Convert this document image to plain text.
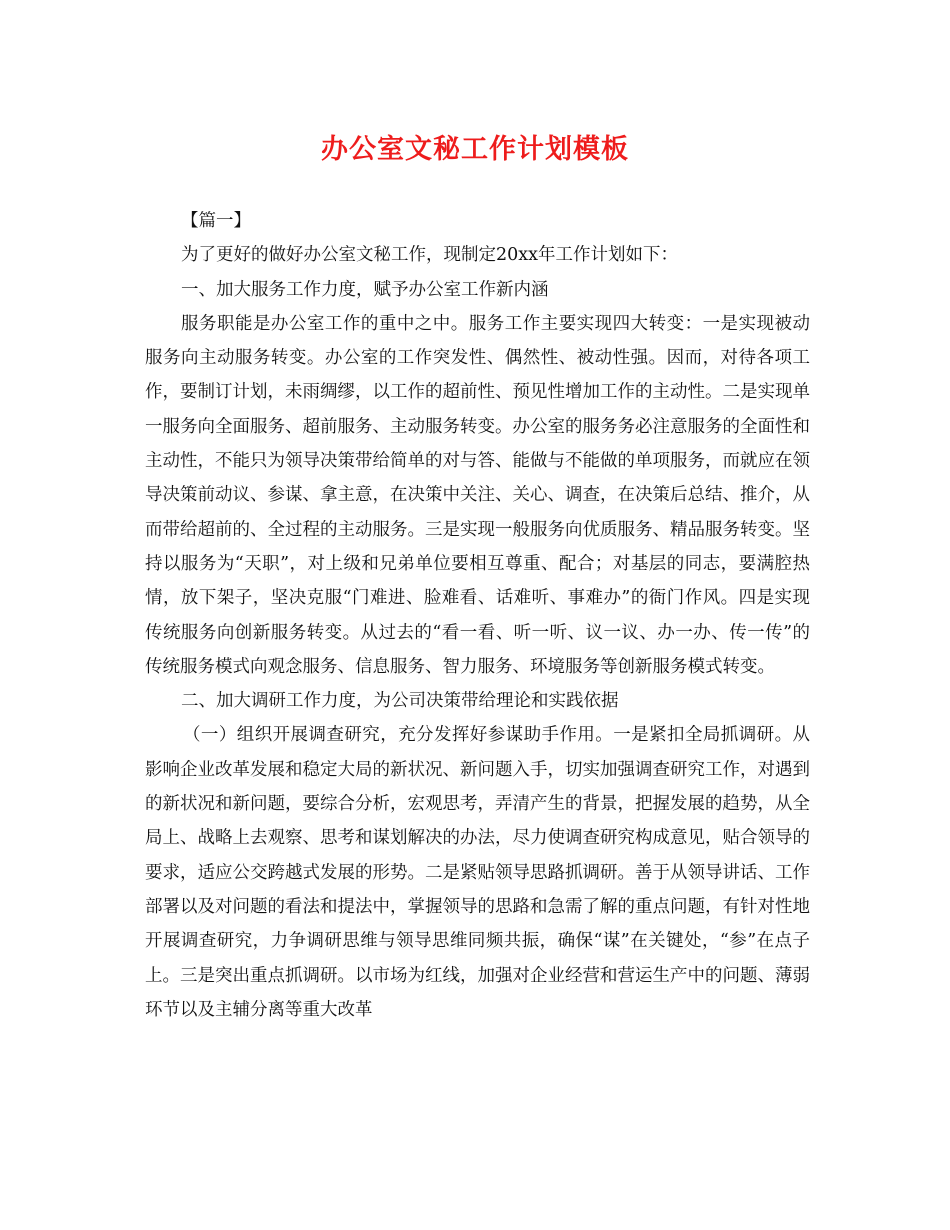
办公室文秘工作计划模板

【篇一】

为了更好的做好办公室文秘工作，现制定20xx年工作计划如下：

一、加大服务工作力度，赋予办公室工作新内涵

服务职能是办公室工作的重中之中。服务工作主要实现四大转变：一是实现被动服务向主动服务转变。办公室的工作突发性、偶然性、被动性强。因而，对待各项工作，要制订计划，未雨绸缪，以工作的超前性、预见性增加工作的主动性。二是实现单一服务向全面服务、超前服务、主动服务转变。办公室的服务务必注意服务的全面性和主动性，不能只为领导决策带给简单的对与答、能做与不能做的单项服务，而就应在领导决策前动议、参谋、拿主意，在决策中关注、关心、调查，在决策后总结、推介，从而带给超前的、全过程的主动服务。三是实现一般服务向优质服务、精品服务转变。坚持以服务为“天职”，对上级和兄弟单位要相互尊重、配合；对基层的同志，要满腔热情，放下架子，坚决克服“门难进、脸难看、话难听、事难办”的衙门作风。四是实现传统服务向创新服务转变。从过去的“看一看、听一听、议一议、办一办、传一传”的传统服务模式向观念服务、信息服务、智力服务、环境服务等创新服务模式转变。

二、加大调研工作力度，为公司决策带给理论和实践依据

（一）组织开展调查研究，充分发挥好参谋助手作用。一是紧扣全局抓调研。从影响企业改革发展和稳定大局的新状况、新问题入手，切实加强调查研究工作，对遇到的新状况和新问题，要综合分析，宏观思考，弄清产生的背景，把握发展的趋势，从全局上、战略上去观察、思考和谋划解决的办法，尽力使调查研究构成意见，贴合领导的要求，适应公交跨越式发展的形势。二是紧贴领导思路抓调研。善于从领导讲话、工作部署以及对问题的看法和提法中，掌握领导的思路和急需了解的重点问题，有针对性地开展调查研究，力争调研思维与领导思维同频共振，确保“谋”在关键处，“参”在点子上。三是突出重点抓调研。以市场为红线，加强对企业经营和营运生产中的问题、薄弱环节以及主辅分离等重大改革
